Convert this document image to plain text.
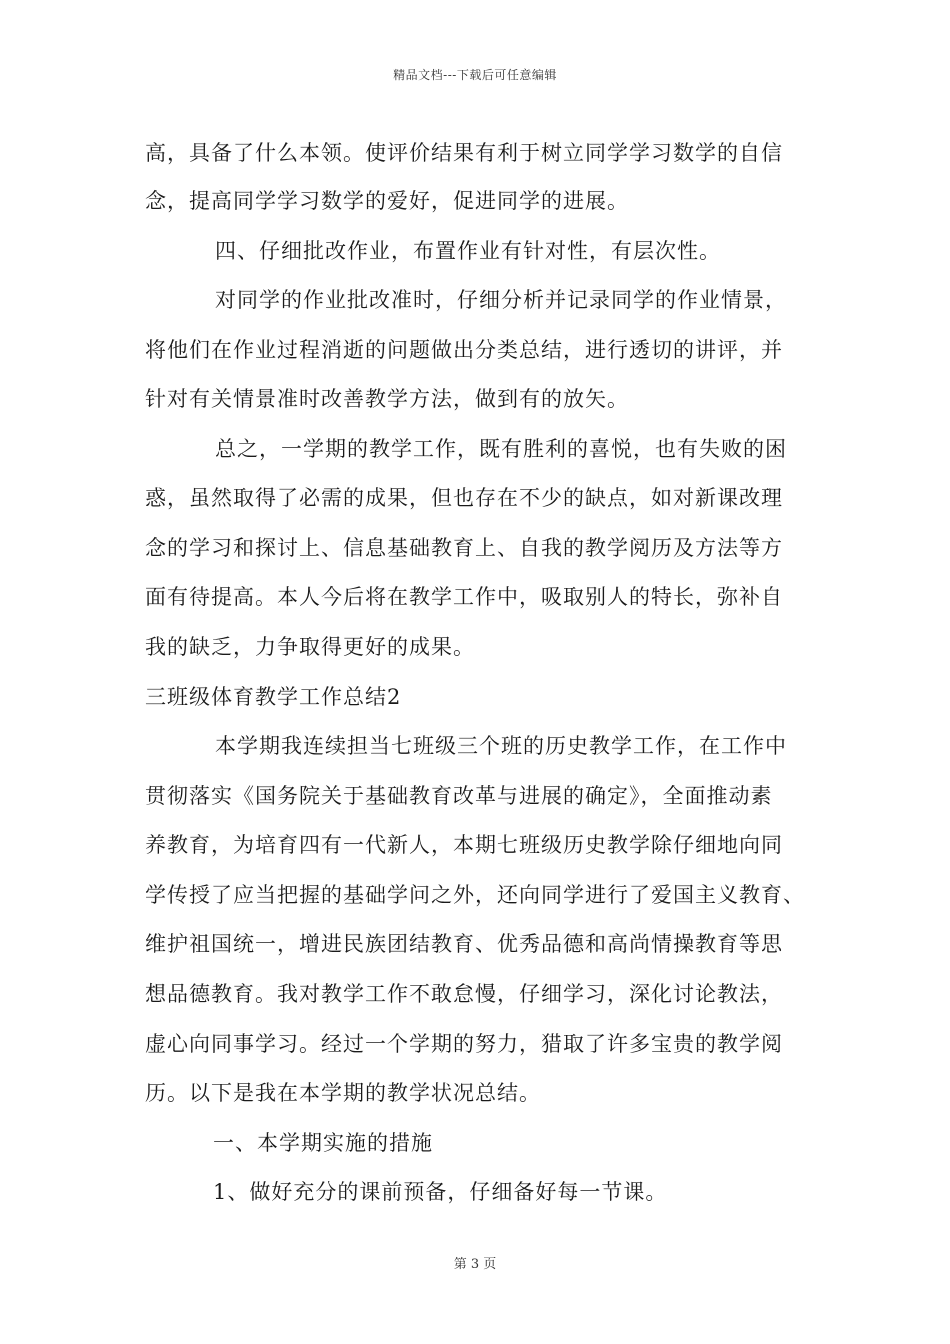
精品文档---下载后可任意编辑
高，具备了什么本领。使评价结果有利于树立同学学习数学的自信
念，提高同学学习数学的爱好，促进同学的进展。
四、仔细批改作业，布置作业有针对性，有层次性。
对同学的作业批改准时，仔细分析并记录同学的作业情景，
将他们在作业过程消逝的问题做出分类总结，进行透切的讲评，并
针对有关情景准时改善教学方法，做到有的放矢。
总之，一学期的教学工作，既有胜利的喜悦，也有失败的困
惑，虽然取得了必需的成果，但也存在不少的缺点，如对新课改理
念的学习和探讨上、信息基础教育上、自我的教学阅历及方法等方
面有待提高。本人今后将在教学工作中，吸取别人的特长，弥补自
我的缺乏，力争取得更好的成果。
三班级体育教学工作总结2
本学期我连续担当七班级三个班的历史教学工作，在工作中
贯彻落实《国务院关于基础教育改革与进展的确定》，全面推动素
养教育，为培育四有一代新人，本期七班级历史教学除仔细地向同
学传授了应当把握的基础学问之外，还向同学进行了爱国主义教育、
维护祖国统一，增进民族团结教育、优秀品德和高尚情操教育等思
想品德教育。我对教学工作不敢怠慢，仔细学习，深化讨论教法，
虚心向同事学习。经过一个学期的努力，猎取了许多宝贵的教学阅
历。以下是我在本学期的教学状况总结。
一、本学期实施的措施
1、做好充分的课前预备，仔细备好每一节课。
第 3 页
